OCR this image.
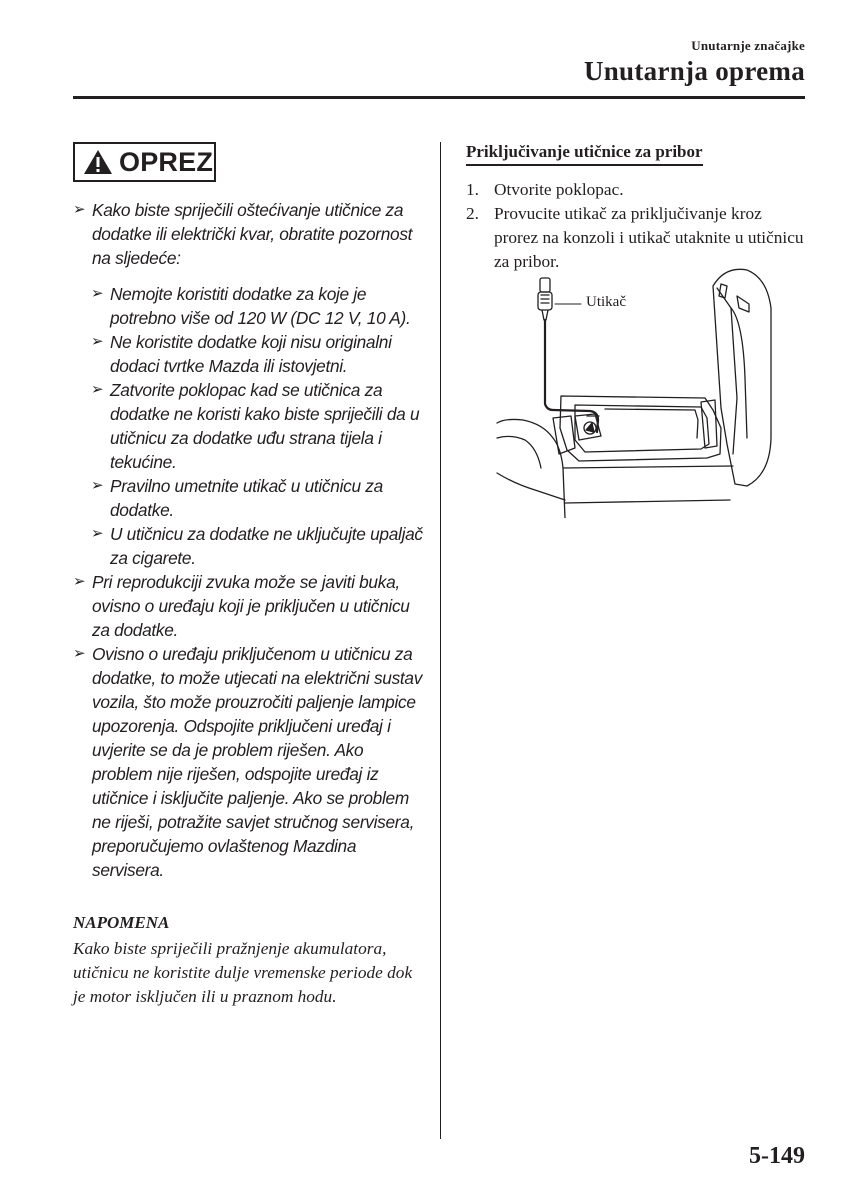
Unutarnje značajke
Unutarnja oprema
OPREZ
➢ Kako biste spriječili oštećivanje utičnice za dodatke ili električki kvar, obratite pozornost na sljedeće:
➢ Nemojte koristiti dodatke za koje je potrebno više od 120 W (DC 12 V, 10 A).
➢ Ne koristite dodatke koji nisu originalni dodaci tvrtke Mazda ili istovjetni.
➢ Zatvorite poklopac kad se utičnica za dodatke ne koristi kako biste spriječili da u utičnicu za dodatke uđu strana tijela i tekućine.
➢ Pravilno umetnite utikač u utičnicu za dodatke.
➢ U utičnicu za dodatke ne uključujte upaljač za cigarete.
➢ Pri reprodukciji zvuka može se javiti buka, ovisno o uređaju koji je priključen u utičnicu za dodatke.
➢ Ovisno o uređaju priključenom u utičnicu za dodatke, to može utjecati na električni sustav vozila, što može prouzročiti paljenje lampice upozorenja. Odspojite priključeni uređaj i uvjerite se da je problem riješen. Ako problem nije riješen, odspojite uređaj iz utičnice i isključite paljenje. Ako se problem ne riješi, potražite savjet stručnog servisera, preporučujemo ovlaštenog Mazdina servisera.
NAPOMENA
Kako biste spriječili pražnjenje akumulatora, utičnicu ne koristite dulje vremenske periode dok je motor isključen ili u praznom hodu.
Priključivanje utičnice za pribor
1. Otvorite poklopac.
2. Provucite utikač za priključivanje kroz prorez na konzoli i utikač utaknite u utičnicu za pribor.
Utikač
5-149
